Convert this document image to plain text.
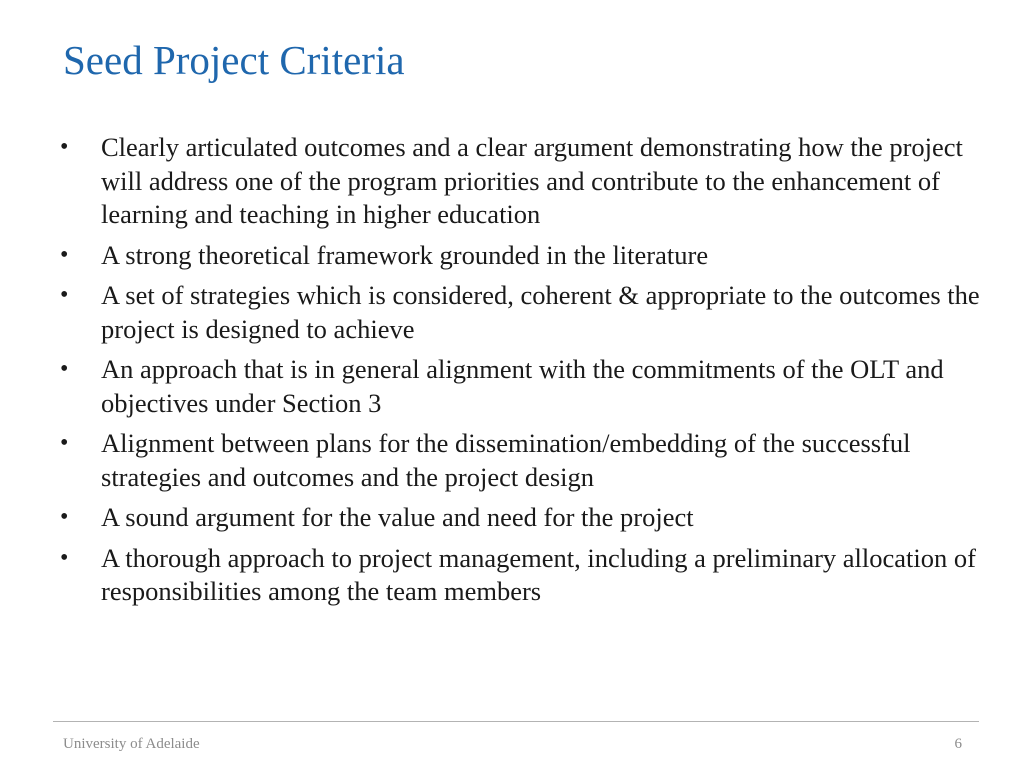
Seed Project Criteria
• Clearly articulated outcomes and a clear argument demonstrating how the project will address one of the program priorities and contribute to the enhancement of learning and teaching in higher education
• A strong theoretical framework grounded in the literature
• A set of strategies which is considered, coherent & appropriate to the outcomes the project is designed to achieve
• An approach that is in general alignment with the commitments of the OLT and objectives under Section 3
• Alignment between plans for the dissemination/embedding of the successful strategies and outcomes and the project design
• A sound argument for the value and need for the project
• A thorough approach to project management, including a preliminary allocation of responsibilities among the team members
University of Adelaide	6
